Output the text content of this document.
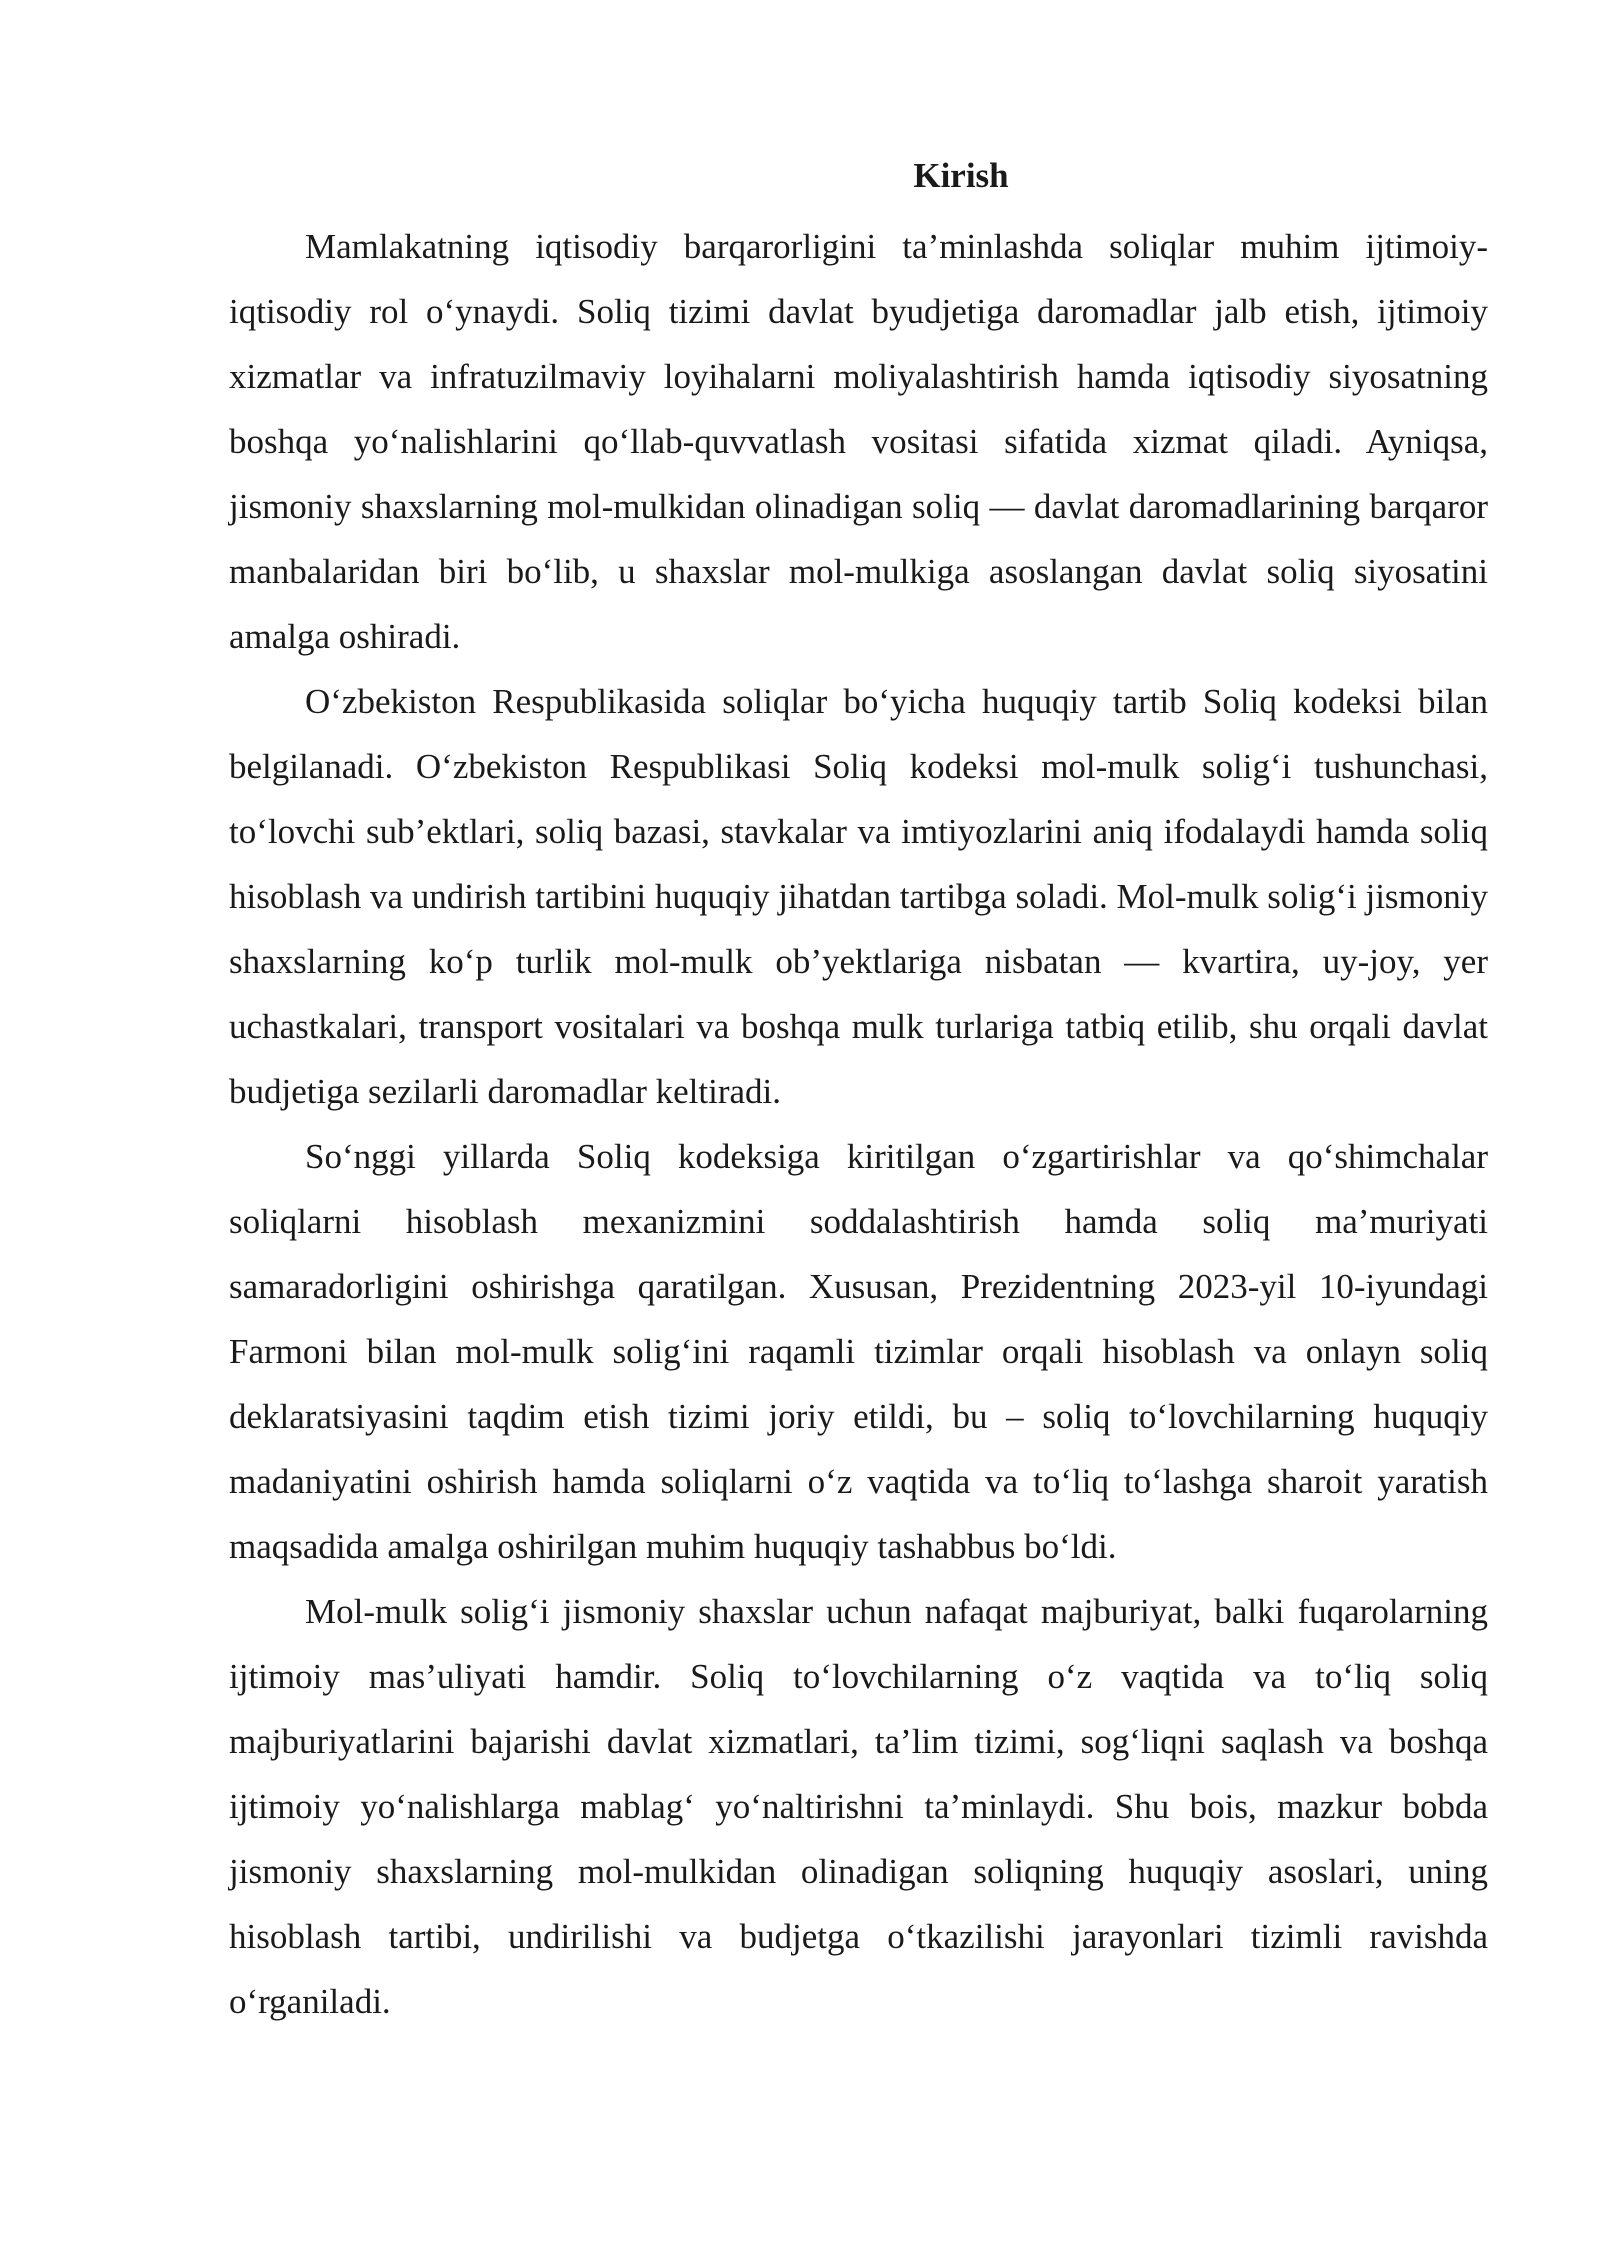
Kirish

Mamlakatning iqtisodiy barqarorligini ta’minlashda soliqlar muhim ijtimoiy-iqtisodiy rol o‘ynaydi. Soliq tizimi davlat byudjetiga daromadlar jalb etish, ijtimoiy xizmatlar va infratuzilmaviy loyihalarni moliyalashtirish hamda iqtisodiy siyosatning boshqa yo‘nalishlarini qo‘llab-quvvatlash vositasi sifatida xizmat qiladi. Ayniqsa, jismoniy shaxslarning mol-mulkidan olinadigan soliq — davlat daromadlarining barqaror manbalaridan biri bo‘lib, u shaxslar mol-mulkiga asoslangan davlat soliq siyosatini amalga oshiradi.

O‘zbekiston Respublikasida soliqlar bo‘yicha huquqiy tartib Soliq kodeksi bilan belgilanadi. O‘zbekiston Respublikasi Soliq kodeksi mol-mulk solig‘i tushunchasi, to‘lovchi sub’ektlari, soliq bazasi, stavkalar va imtiyozlarini aniq ifodalaydi hamda soliq hisoblash va undirish tartibini huquqiy jihatdan tartibga soladi. Mol-mulk solig‘i jismoniy shaxslarning ko‘p turlik mol-mulk ob’yektlariga nisbatan — kvartira, uy-joy, yer uchastkalari, transport vositalari va boshqa mulk turlariga tatbiq etilib, shu orqali davlat budjetiga sezilarli daromadlar keltiradi.

So‘nggi yillarda Soliq kodeksiga kiritilgan o‘zgartirishlar va qo‘shimchalar soliqlarni hisoblash mexanizmini soddalashtirish hamda soliq ma’muriyati samaradorligini oshirishga qaratilgan. Xususan, Prezidentning 2023-yil 10-iyundagi Farmoni bilan mol-mulk solig‘ini raqamli tizimlar orqali hisoblash va onlayn soliq deklaratsiyasini taqdim etish tizimi joriy etildi, bu – soliq to‘lovchilarning huquqiy madaniyatini oshirish hamda soliqlarni o‘z vaqtida va to‘liq to‘lashga sharoit yaratish maqsadida amalga oshirilgan muhim huquqiy tashabbus bo‘ldi.

Mol-mulk solig‘i jismoniy shaxslar uchun nafaqat majburiyat, balki fuqarolarning ijtimoiy mas’uliyati hamdir. Soliq to‘lovchilarning o‘z vaqtida va to‘liq soliq majburiyatlarini bajarishi davlat xizmatlari, ta’lim tizimi, sog‘liqni saqlash va boshqa ijtimoiy yo‘nalishlarga mablag‘ yo‘naltirishni ta’minlaydi. Shu bois, mazkur bobda jismoniy shaxslarning mol-mulkidan olinadigan soliqning huquqiy asoslari, uning hisoblash tartibi, undirilishi va budjetga o‘tkazilishi jarayonlari tizimli ravishda o‘rganiladi.
